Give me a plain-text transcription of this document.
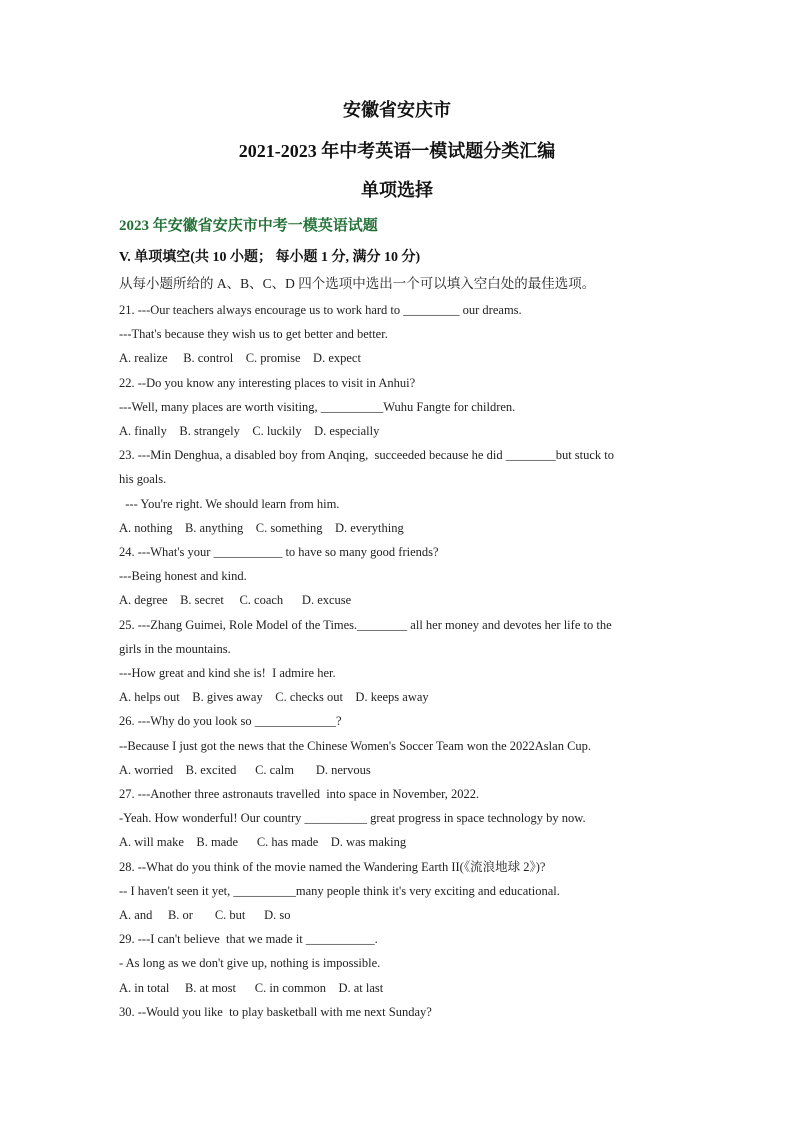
安徽省安庆市
2021-2023 年中考英语一模试题分类汇编
单项选择
2023 年安徽省安庆市中考一模英语试题
V. 单项填空(共 10 小题； 每小题 1 分, 满分 10 分)
从每小题所给的 A、B、C、D 四个选项中选出一个可以填入空白处的最佳选项。
21. ---Our teachers always encourage us to work hard to _________ our dreams.
---That's because they wish us to get better and better.
A. realize     B. control    C. promise    D. expect
22. --Do you know any interesting places to visit in Anhui?
---Well, many places are worth visiting, __________Wuhu Fangte for children.
A. finally    B. strangely    C. luckily    D. especially
23. ---Min Denghua, a disabled boy from Anqing,  succeeded because he did ________but stuck to
his goals.
--- You're right. We should learn from him.
A. nothing    B. anything    C. something    D. everything
24. ---What's your ___________ to have so many good friends?
---Being honest and kind.
A. degree    B. secret     C. coach      D. excuse
25. ---Zhang Guimei, Role Model of the Times.________ all her money and devotes her life to the
girls in the mountains.
---How great and kind she is!  I admire her.
A. helps out    B. gives away    C. checks out    D. keeps away
26. ---Why do you look so _____________?
--Because I just got the news that the Chinese Women's Soccer Team won the 2022Aslan Cup.
A. worried    B. excited      C. calm       D. nervous
27. ---Another three astronauts travelled  into space in November, 2022.
-Yeah. How wonderful! Our country __________ great progress in space technology by now.
A. will make    B. made      C. has made    D. was making
28. --What do you think of the movie named the Wandering Earth II(《流浪地球 2》)?
-- I haven't seen it yet, __________many people think it's very exciting and educational.
A. and     B. or       C. but      D. so
29. ---I can't believe  that we made it ___________.
- As long as we don't give up, nothing is impossible.
A. in total     B. at most      C. in common    D. at last
30. --Would you like  to play basketball with me next Sunday?
